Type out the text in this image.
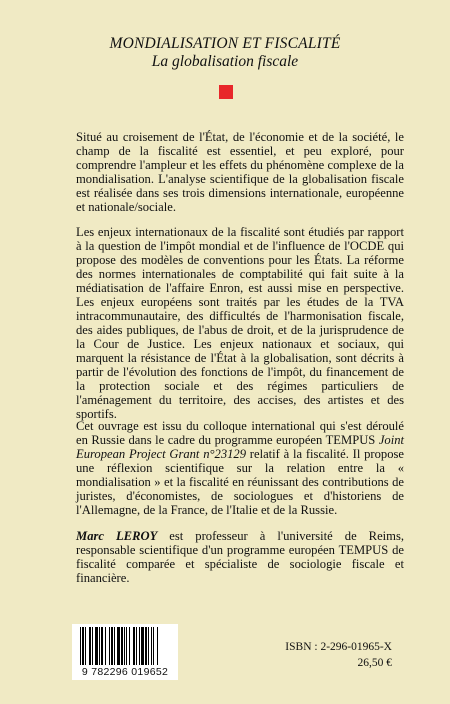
MONDIALISATION ET FISCALITÉ
La globalisation fiscale

Situé au croisement de l'État, de l'économie et de la société, le champ de la fiscalité est essentiel, et peu exploré, pour comprendre l'ampleur et les effets du phénomène complexe de la mondialisation. L'analyse scientifique de la globalisation fiscale est réalisée dans ses trois dimensions internationale, européenne et nationale/sociale.

Les enjeux internationaux de la fiscalité sont étudiés par rapport à la question de l'impôt mondial et de l'influence de l'OCDE qui propose des modèles de conventions pour les États. La réforme des normes internationales de comptabilité qui fait suite à la médiatisation de l'affaire Enron, est aussi mise en perspective. Les enjeux européens sont traités par les études de la TVA intracommunautaire, des difficultés de l'harmonisation fiscale, des aides publiques, de l'abus de droit, et de la jurisprudence de la Cour de Justice. Les enjeux nationaux et sociaux, qui marquent la résistance de l'État à la globalisation, sont décrits à partir de l'évolution des fonctions de l'impôt, du financement de la protection sociale et des régimes particuliers de l'aménagement du territoire, des accises, des artistes et des sportifs.

Cet ouvrage est issu du colloque international qui s'est déroulé en Russie dans le cadre du programme européen TEMPUS Joint European Project Grant n°23129 relatif à la fiscalité. Il propose une réflexion scientifique sur la relation entre la « mondialisation » et la fiscalité en réunissant des contributions de juristes, d'économistes, de sociologues et d'historiens de l'Allemagne, de la France, de l'Italie et de la Russie.

Marc LEROY est professeur à l'université de Reims, responsable scientifique d'un programme européen TEMPUS de fiscalité comparée et spécialiste de sociologie fiscale et financière.

9 782296 019652
ISBN : 2-296-01965-X
26,50 €
